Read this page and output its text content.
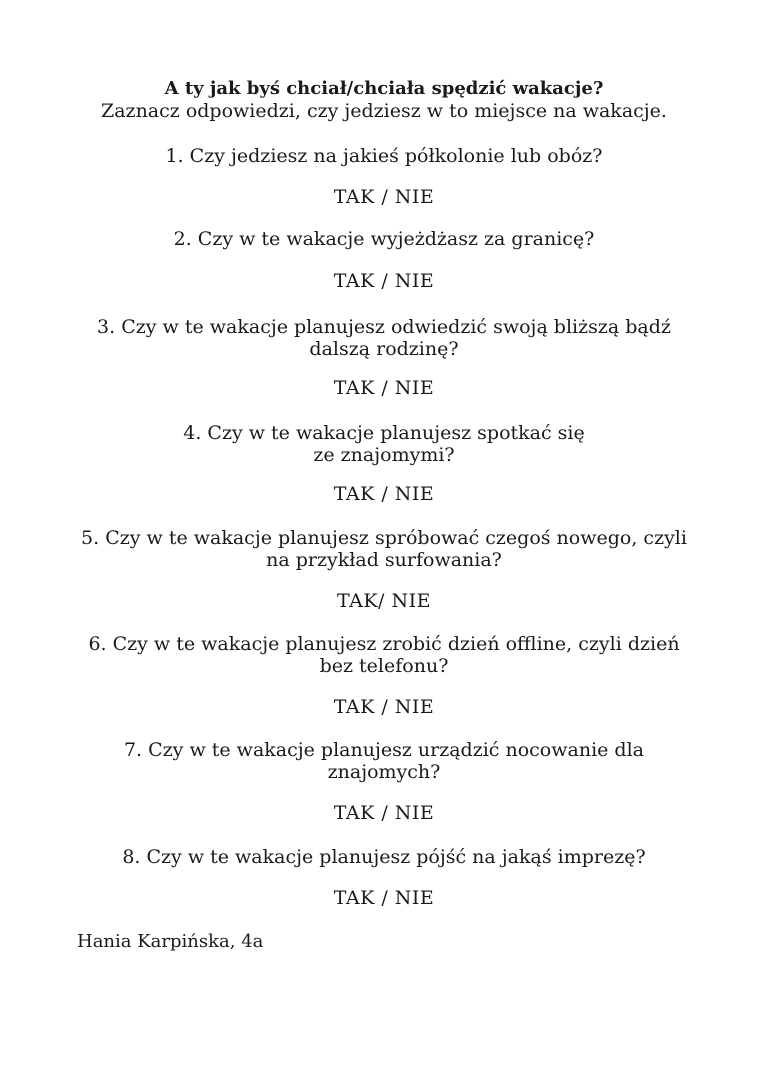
A ty jak byś chciał/chciała spędzić wakacje?
Zaznacz odpowiedzi, czy jedziesz w to miejsce na wakacje.
1. Czy jedziesz na jakieś półkolonie lub obóz?
TAK / NIE
2. Czy w te wakacje wyjeżdżasz za granicę?
TAK / NIE
3. Czy w te wakacje planujesz odwiedzić swoją bliższą bądź
dalszą rodzinę?
TAK / NIE
4. Czy w te wakacje planujesz spotkać się
ze znajomymi?
TAK / NIE
5. Czy w te wakacje planujesz spróbować czegoś nowego, czyli
na przykład surfowania?
TAK/ NIE
6. Czy w te wakacje planujesz zrobić dzień offline, czyli dzień
bez telefonu?
TAK / NIE
7. Czy w te wakacje planujesz urządzić nocowanie dla
znajomych?
TAK / NIE
8. Czy w te wakacje planujesz pójść na jakąś imprezę?
TAK / NIE
Hania Karpińska, 4a
